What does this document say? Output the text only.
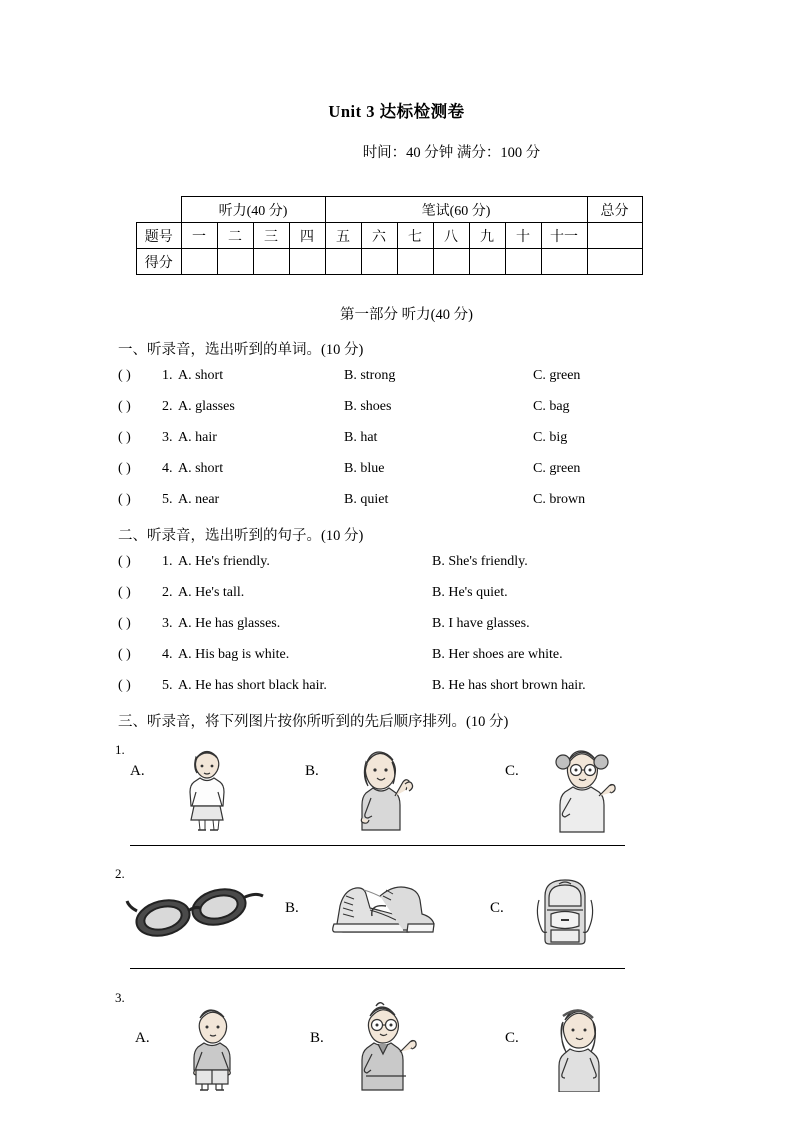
Unit 3 达标检测卷
时间：40 分钟 满分：100 分
	听力(40 分)				笔试(60 分)							总分
题号	一	二	三	四	五	六	七	八	九	十	十一	
得分												
第一部分 听力(40 分)
一、听录音，选出听到的单词。(10 分)
( ) 1. A. short	B. strong	C. green
( ) 2. A. glasses	B. shoes	C. bag
( ) 3. A. hair	B. hat	C. big
( ) 4. A. short	B. blue	C. green
( ) 5. A. near	B. quiet	C. brown
二、听录音，选出听到的句子。(10 分)
( ) 1. A. He's friendly.	B. She's friendly.
( ) 2. A. He's tall.	B. He's quiet.
( ) 3. A. He has glasses.	B. I have glasses.
( ) 4. A. His bag is white.	B. Her shoes are white.
( ) 5. A. He has short black hair.	B. He has short brown hair.
三、听录音，将下列图片按你所听到的先后顺序排列。(10 分)
1.
A.	B.	C.
2.
B.	C.
3.
A.	B.	C.
